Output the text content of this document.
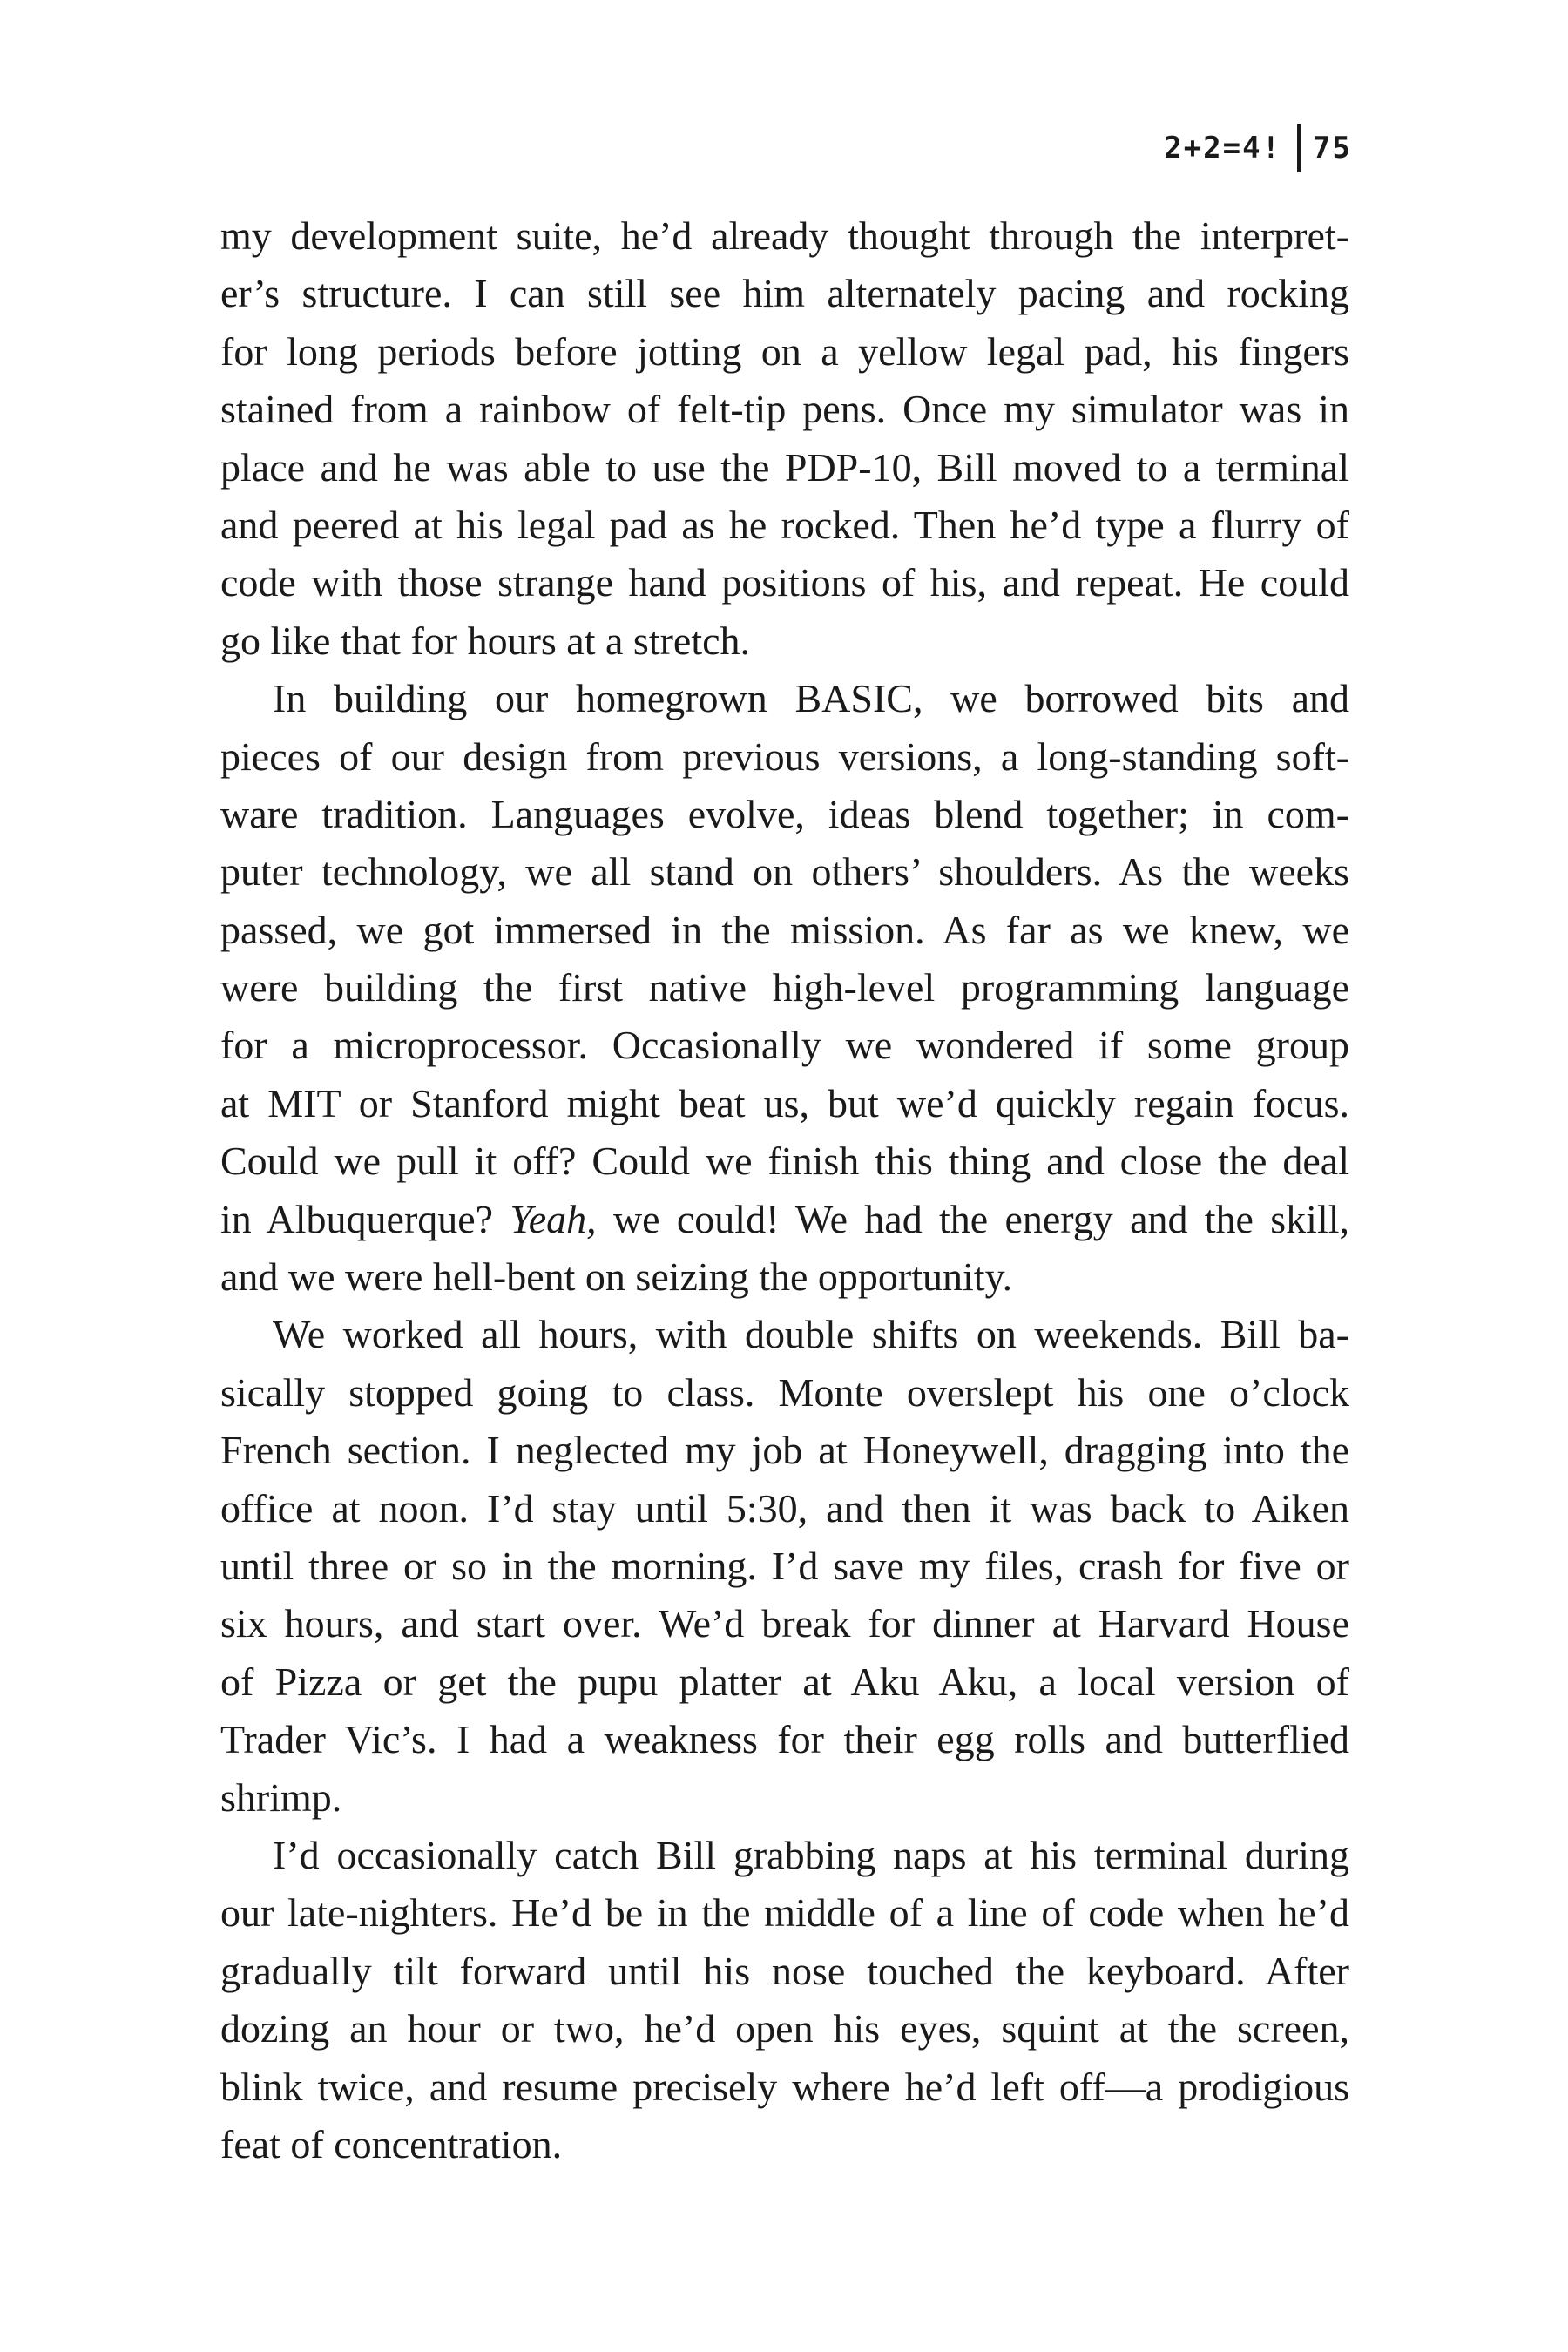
2+2=4! 75
my development suite, he’d already thought through the interpret-
er’s structure. I can still see him alternately pacing and rocking
for long periods before jotting on a yellow legal pad, his fingers
stained from a rainbow of felt-tip pens. Once my simulator was in
place and he was able to use the PDP-10, Bill moved to a terminal
and peered at his legal pad as he rocked. Then he’d type a flurry of
code with those strange hand positions of his, and repeat. He could
go like that for hours at a stretch.
In building our homegrown BASIC, we borrowed bits and
pieces of our design from previous versions, a long-standing soft-
ware tradition. Languages evolve, ideas blend together; in com-
puter technology, we all stand on others’ shoulders. As the weeks
passed, we got immersed in the mission. As far as we knew, we
were building the first native high-level programming language
for a microprocessor. Occasionally we wondered if some group
at MIT or Stanford might beat us, but we’d quickly regain focus.
Could we pull it off? Could we finish this thing and close the deal
in Albuquerque? Yeah, we could! We had the energy and the skill,
and we were hell-bent on seizing the opportunity.
We worked all hours, with double shifts on weekends. Bill ba-
sically stopped going to class. Monte overslept his one o’clock
French section. I neglected my job at Honeywell, dragging into the
office at noon. I’d stay until 5:30, and then it was back to Aiken
until three or so in the morning. I’d save my files, crash for five or
six hours, and start over. We’d break for dinner at Harvard House
of Pizza or get the pupu platter at Aku Aku, a local version of
Trader Vic’s. I had a weakness for their egg rolls and butterflied
shrimp.
I’d occasionally catch Bill grabbing naps at his terminal during
our late-nighters. He’d be in the middle of a line of code when he’d
gradually tilt forward until his nose touched the keyboard. After
dozing an hour or two, he’d open his eyes, squint at the screen,
blink twice, and resume precisely where he’d left off—a prodigious
feat of concentration.
